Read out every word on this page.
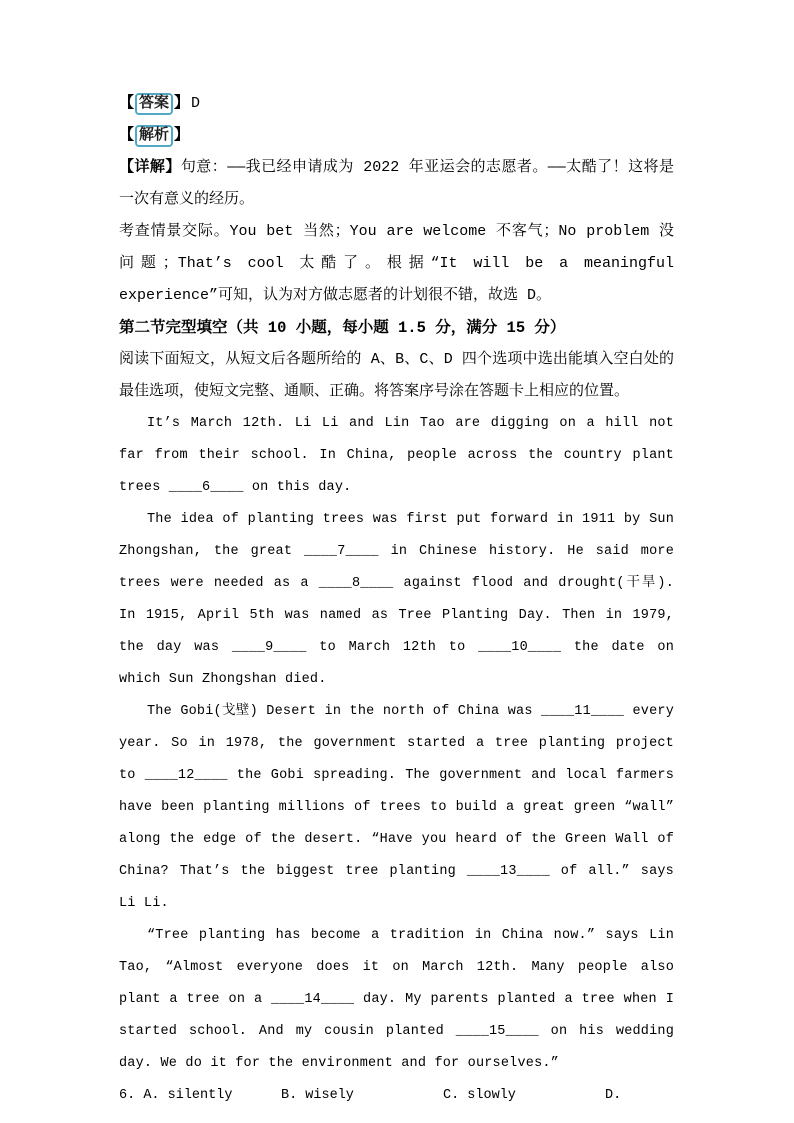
【 答案 】 D

【 解析 】

【详解】句意：——我已经申请成为 2022 年亚运会的志愿者。——太酷了！这将是一次有意义的经历。

考查情景交际。You bet 当然；You are welcome 不客气；No problem 没问题；That’s cool 太酷了。根据“It will be a meaningful experience”可知，认为对方做志愿者的计划很不错，故选 D。

第二节完型填空（共 10 小题，每小题 1.5 分，满分 15 分）

阅读下面短文，从短文后各题所给的 A、B、C、D 四个选项中选出能填入空白处的最佳选项，使短文完整、通顺、正确。将答案序号涂在答题卡上相应的位置。

It’s March 12th. Li Li and Lin Tao are digging on a hill not far from their school. In China, people across the country plant trees ____6____ on this day.

The idea of planting trees was first put forward in 1911 by Sun Zhongshan, the great ____7____ in Chinese history. He said more trees were needed as a ____8____ against flood and drought(干旱). In 1915, April 5th was named as Tree Planting Day. Then in 1979, the day was ____9____ to March 12th to ____10____ the date on which Sun Zhongshan died.

The Gobi(戈壁) Desert in the north of China was ____11____ every year. So in 1978, the government started a tree planting project to ____12____ the Gobi spreading. The government and local farmers have been planting millions of trees to build a great green “wall” along the edge of the desert. “Have you heard of the Green Wall of China? That’s the biggest tree planting ____13____ of all.” says Li Li.

“Tree planting has become a tradition in China now.” says Lin Tao, “Almost everyone does it on March 12th. Many people also plant a tree on a ____14____ day. My parents planted a tree when I started school. And my cousin planted ____15____ on his wedding day. We do it for the environment and for ourselves.”

6. A. silently	B. wisely	C. slowly	D.
